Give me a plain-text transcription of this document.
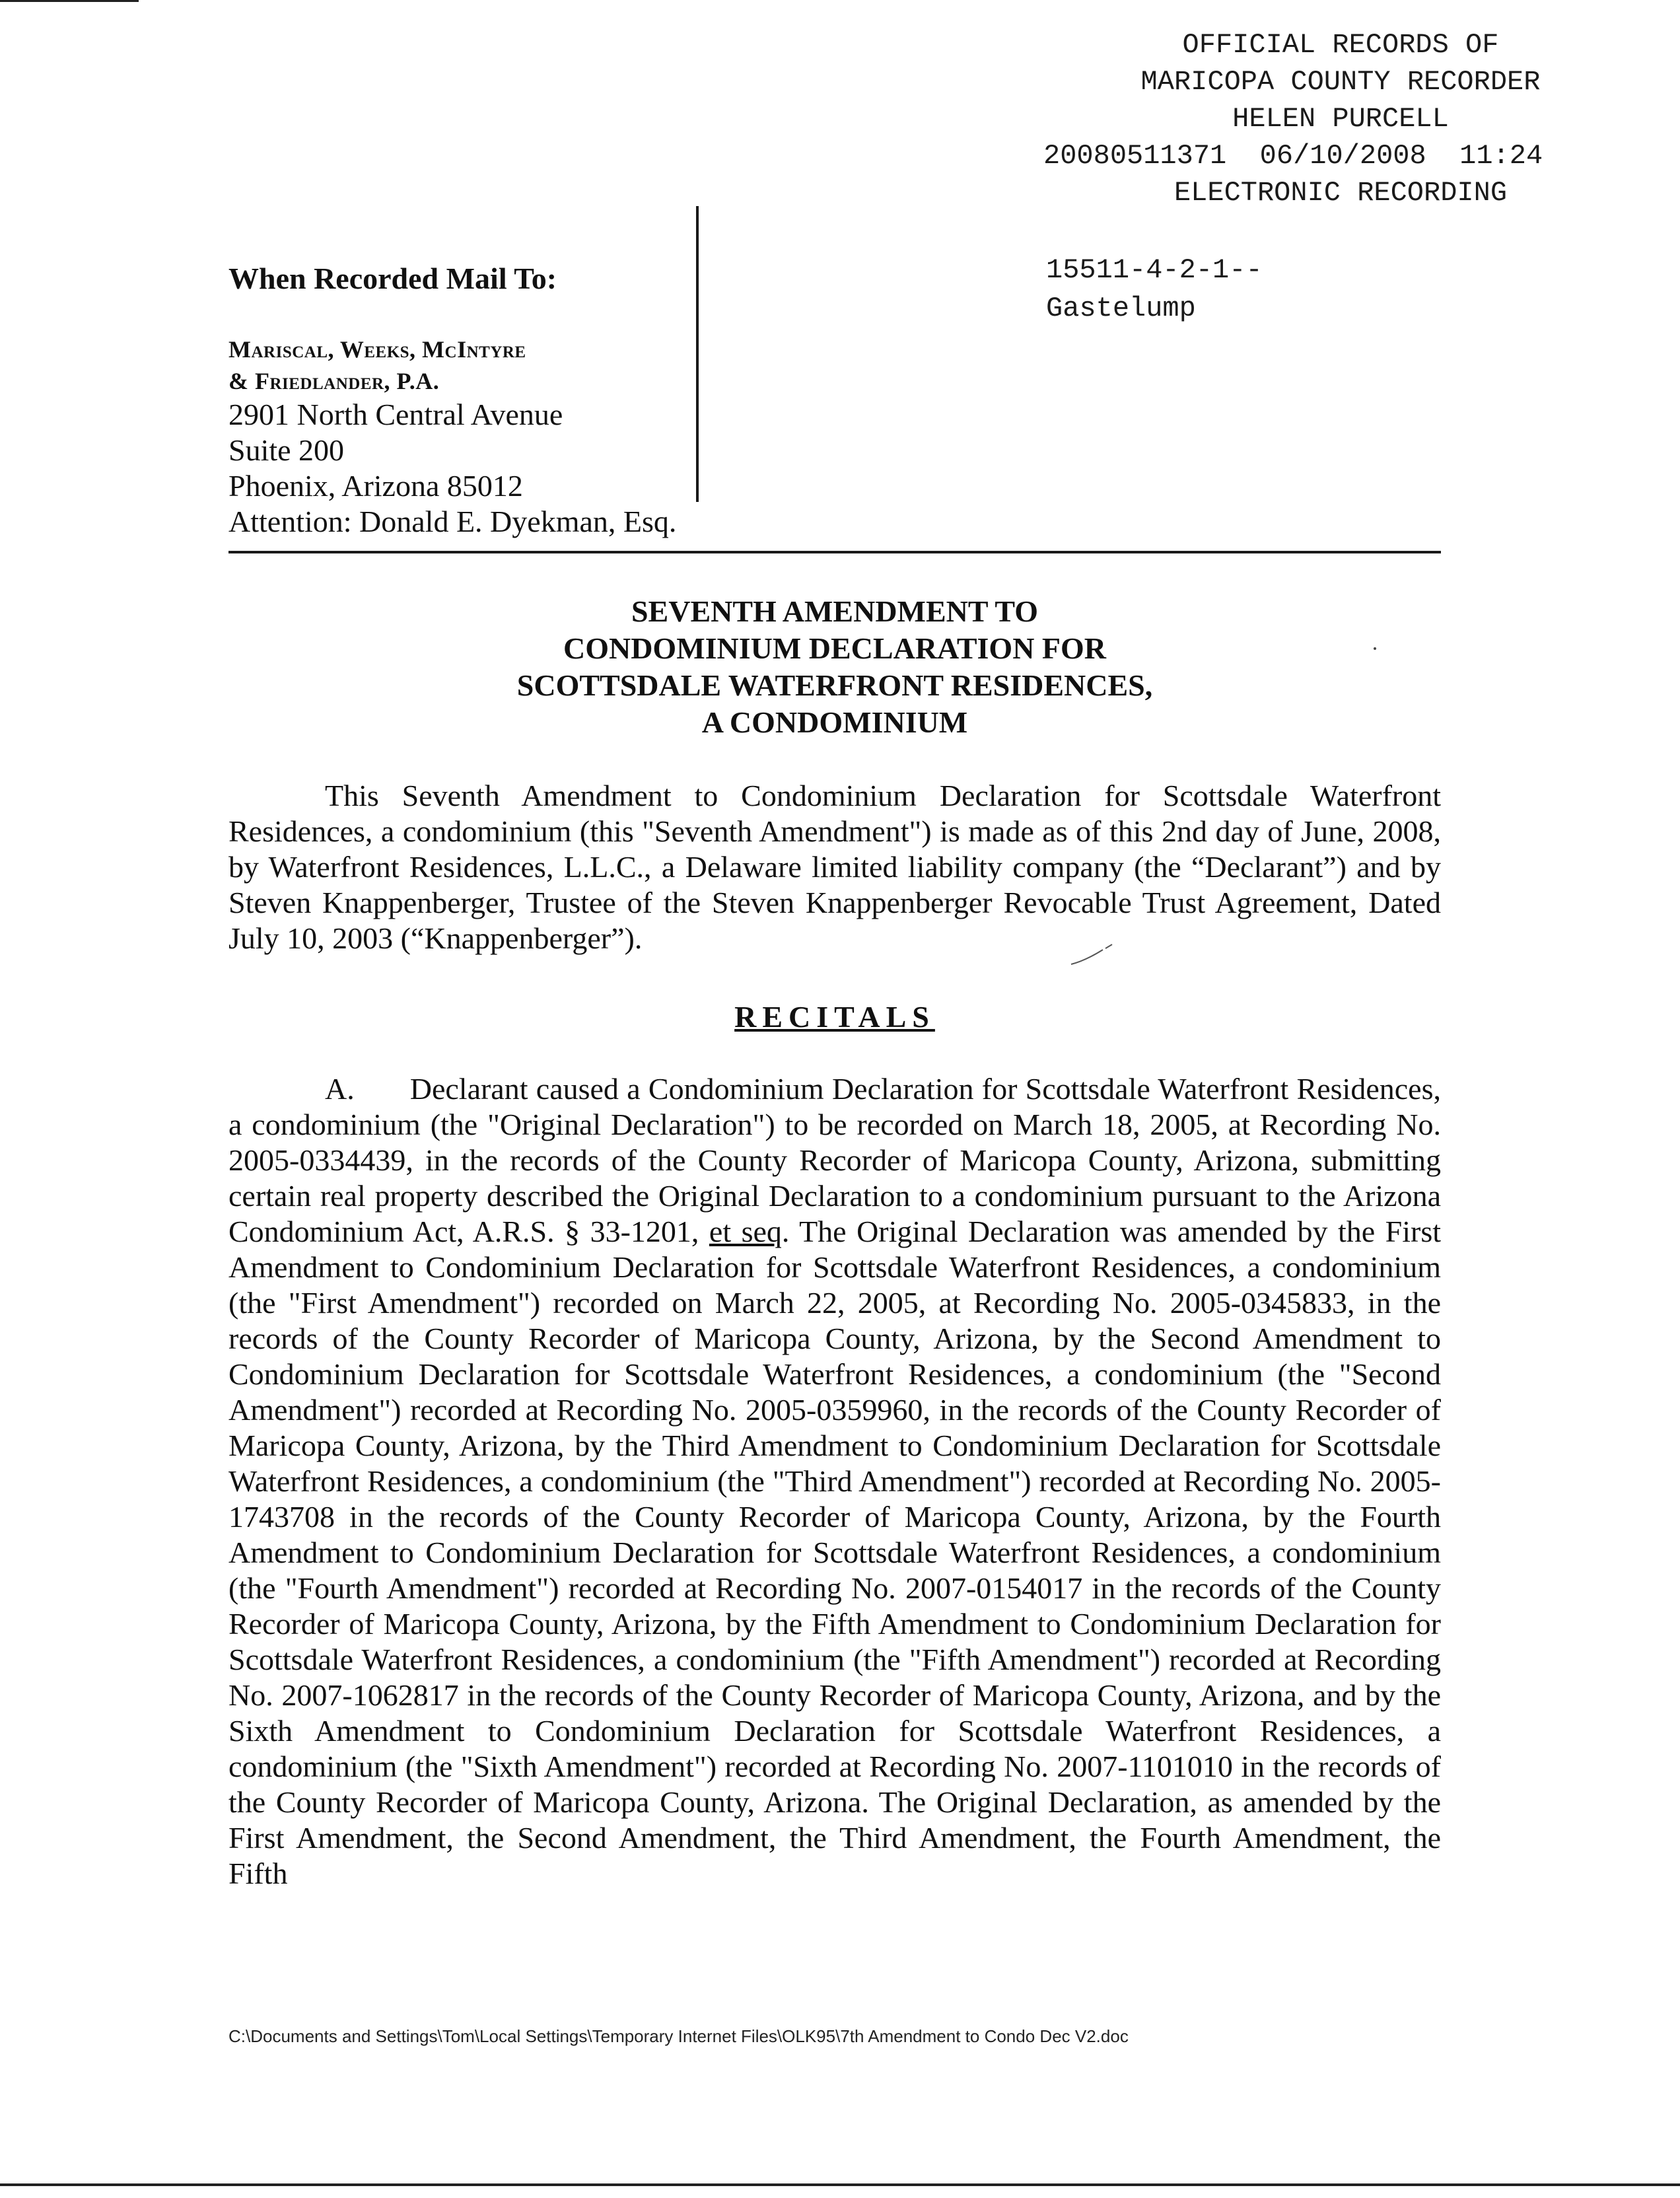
OFFICIAL RECORDS OF
MARICOPA COUNTY RECORDER
HELEN PURCELL
20080511371 06/10/2008 11:24
ELECTRONIC RECORDING
15511-4-2-1--
Gastelump
When Recorded Mail To:
Mariscal, Weeks, McIntyre
& Friedlander, P.A.
2901 North Central Avenue
Suite 200
Phoenix, Arizona 85012
Attention: Donald E. Dyekman, Esq.
SEVENTH AMENDMENT TO
CONDOMINIUM DECLARATION FOR
SCOTTSDALE WATERFRONT RESIDENCES,
A CONDOMINIUM
This Seventh Amendment to Condominium Declaration for Scottsdale Waterfront Residences, a condominium (this "Seventh Amendment") is made as of this 2nd day of June, 2008, by Waterfront Residences, L.L.C., a Delaware limited liability company (the “Declarant”) and by Steven Knappenberger, Trustee of the Steven Knappenberger Revocable Trust Agreement, Dated July 10, 2003 (“Knappenberger”).
RECITALS
A. Declarant caused a Condominium Declaration for Scottsdale Waterfront Residences, a condominium (the "Original Declaration") to be recorded on March 18, 2005, at Recording No. 2005-0334439, in the records of the County Recorder of Maricopa County, Arizona, submitting certain real property described the Original Declaration to a condominium pursuant to the Arizona Condominium Act, A.R.S. § 33-1201, et seq. The Original Declaration was amended by the First Amendment to Condominium Declaration for Scottsdale Waterfront Residences, a condominium (the "First Amendment") recorded on March 22, 2005, at Recording No. 2005-0345833, in the records of the County Recorder of Maricopa County, Arizona, by the Second Amendment to Condominium Declaration for Scottsdale Waterfront Residences, a condominium (the "Second Amendment") recorded at Recording No. 2005-0359960, in the records of the County Recorder of Maricopa County, Arizona, by the Third Amendment to Condominium Declaration for Scottsdale Waterfront Residences, a condominium (the "Third Amendment") recorded at Recording No. 2005-1743708 in the records of the County Recorder of Maricopa County, Arizona, by the Fourth Amendment to Condominium Declaration for Scottsdale Waterfront Residences, a condominium (the "Fourth Amendment") recorded at Recording No. 2007-0154017 in the records of the County Recorder of Maricopa County, Arizona, by the Fifth Amendment to Condominium Declaration for Scottsdale Waterfront Residences, a condominium (the "Fifth Amendment") recorded at Recording No. 2007-1062817 in the records of the County Recorder of Maricopa County, Arizona, and by the Sixth Amendment to Condominium Declaration for Scottsdale Waterfront Residences, a condominium (the "Sixth Amendment") recorded at Recording No. 2007-1101010 in the records of the County Recorder of Maricopa County, Arizona. The Original Declaration, as amended by the First Amendment, the Second Amendment, the Third Amendment, the Fourth Amendment, the Fifth
C:\Documents and Settings\Tom\Local Settings\Temporary Internet Files\OLK95\7th Amendment to Condo Dec V2.doc
